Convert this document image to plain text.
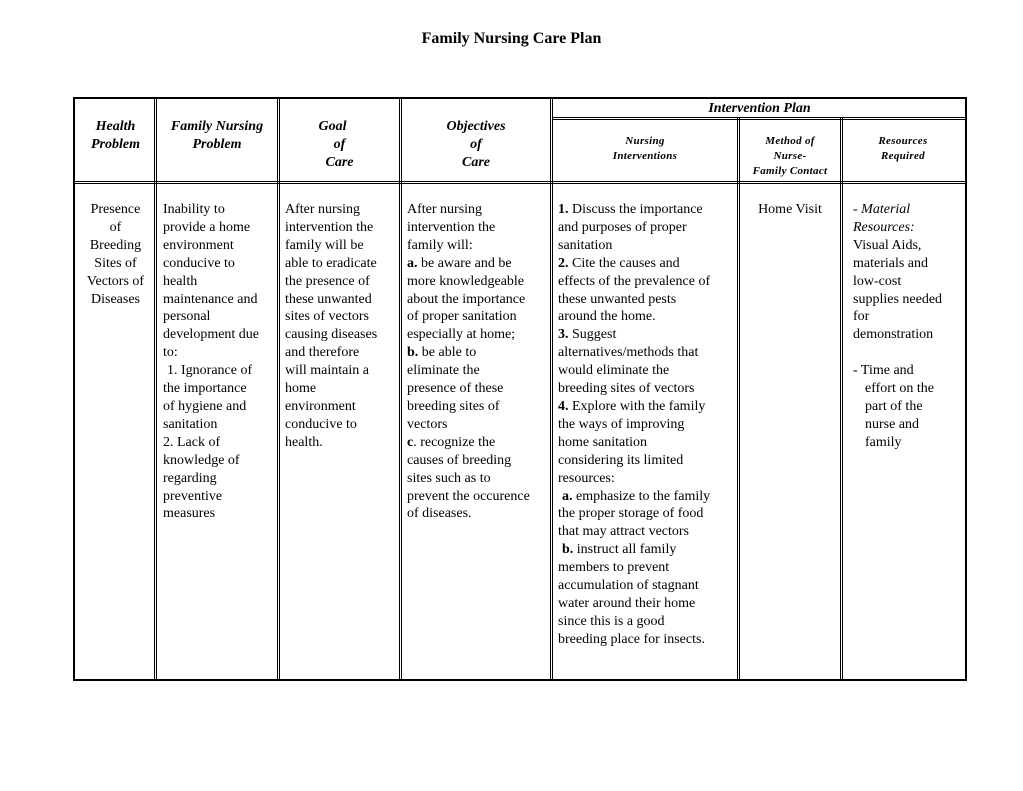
Family Nursing Care Plan
Intervention Plan
Health
Problem
Family Nursing
Problem
Goal
of
Care
Objectives
of
Care
Nursing
Interventions
Method of
Nurse-
Family Contact
Resources
Required

Presence

of

Breeding

Sites of

Vectors of

Diseases

Inability to

provide a home

environment

conducive to

health

maintenance and

personal

development due

to:

1. Ignorance of

the importance

of hygiene and

sanitation

2. Lack of

knowledge of

regarding

preventive

measures

After nursing

intervention the

family will be

able to eradicate

the presence of

these unwanted

sites of vectors

causing diseases

and therefore

will maintain a

home

environment

conducive to

health.

After nursing

intervention the

family will:

a. be aware and be

more knowledgeable

about the importance

of proper sanitation

especially at home;

b. be able to

eliminate the

presence of these

breeding sites of

vectors

c. recognize the

causes of breeding

sites such as to

prevent the occurence

of diseases.

1. Discuss the importance

and purposes of proper

sanitation

2. Cite the causes and

effects of the prevalence of

these unwanted pests

around the home.

3. Suggest

alternatives/methods that

would eliminate the

breeding sites of vectors

4. Explore with the family

the ways of improving

home sanitation

considering its limited

resources:

a. emphasize to the family

the proper storage of food

that may attract vectors

b. instruct all family

members to prevent

accumulation of stagnant

water around their home

since this is a good

breeding place for insects.

Home Visit	- Material

Resources:

Visual Aids,

materials and

low-cost

supplies needed

for

demonstration

- Time and

effort on the

part of the

nurse and

family
